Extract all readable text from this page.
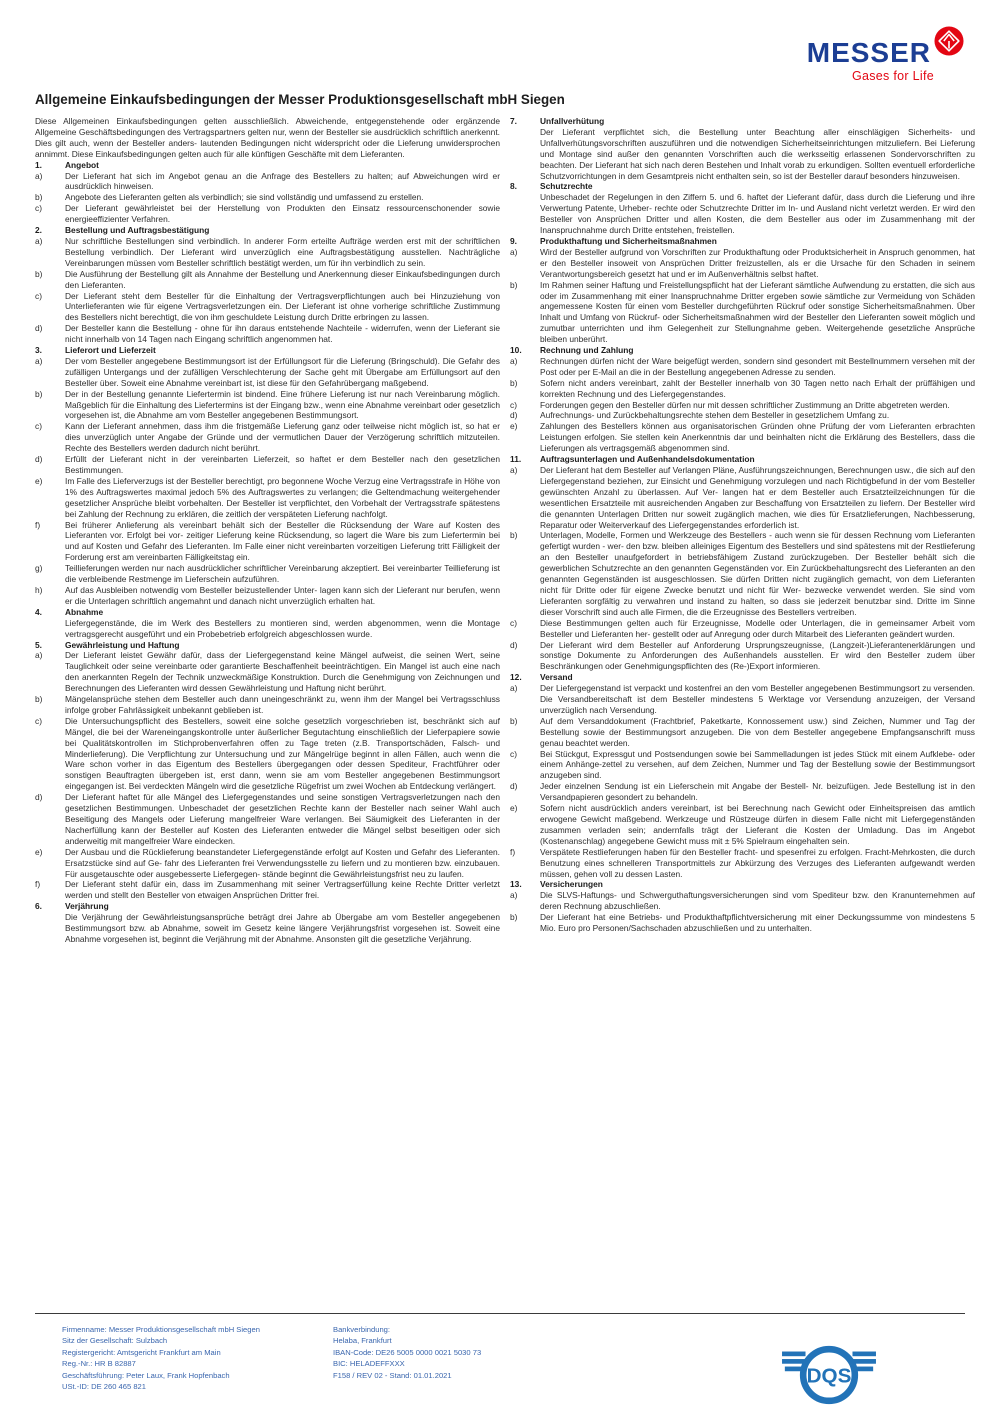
MESSER
Gases for Life
Allgemeine Einkaufsbedingungen der Messer Produktionsgesellschaft mbH Siegen

Diese Allgemeinen Einkaufsbedingungen gelten ausschließlich. Abweichende, entgegenstehende oder ergänzende Allgemeine Geschäftsbedingungen des Vertragspartners gelten nur, wenn der Besteller sie ausdrücklich schriftlich anerkennt. Dies gilt auch, wenn der Besteller anders- lautenden Bedingungen nicht widerspricht oder die Lieferung unwidersprochen annimmt. Diese Einkaufsbedingungen gelten auch für alle künftigen Geschäfte mit dem Lieferanten.

1.	Angebot
a)	Der Lieferant hat sich im Angebot genau an die Anfrage des Bestellers zu halten; auf Abweichungen wird er ausdrücklich hinweisen.
b)	Angebote des Lieferanten gelten als verbindlich; sie sind vollständig und umfassend zu erstellen.
c)	Der Lieferant gewährleistet bei der Herstellung von Produkten den Einsatz ressourcenschonender sowie energieeffizienter Verfahren.
2.	Bestellung und Auftragsbestätigung
a)	Nur schriftliche Bestellungen sind verbindlich. In anderer Form erteilte Aufträge werden erst mit der schriftlichen Bestellung verbindlich. Der Lieferant wird unverzüglich eine Auftragsbestätigung ausstellen. Nachträgliche Vereinbarungen müssen vom Besteller schriftlich bestätigt werden, um für ihn verbindlich zu sein.
b)	Die Ausführung der Bestellung gilt als Annahme der Bestellung und Anerkennung dieser Einkaufsbedingungen durch den Lieferanten.
c)	Der Lieferant steht dem Besteller für die Einhaltung der Vertragsverpflichtungen auch bei Hinzuziehung von Unterlieferanten wie für eigene Vertragsverletzungen ein. Der Lieferant ist ohne vorherige schriftliche Zustimmung des Bestellers nicht berechtigt, die von ihm geschuldete Leistung durch Dritte erbringen zu lassen.
d)	Der Besteller kann die Bestellung - ohne für ihn daraus entstehende Nachteile - widerrufen, wenn der Lieferant sie nicht innerhalb von 14 Tagen nach Eingang schriftlich angenommen hat.
3.	Lieferort und Lieferzeit
a)	Der vom Besteller angegebene Bestimmungsort ist der Erfüllungsort für die Lieferung (Bringschuld). Die Gefahr des zufälligen Untergangs und der zufälligen Verschlechterung der Sache geht mit Übergabe am Erfüllungsort auf den Besteller über. Soweit eine Abnahme vereinbart ist, ist diese für den Gefahrübergang maßgebend.
b)	Der in der Bestellung genannte Liefertermin ist bindend. Eine frühere Lieferung ist nur nach Vereinbarung möglich. Maßgeblich für die Einhaltung des Liefertermins ist der Eingang bzw., wenn eine Abnahme vereinbart oder gesetzlich vorgesehen ist, die Abnahme am vom Besteller angegebenen Bestimmungsort.
c)	Kann der Lieferant annehmen, dass ihm die fristgemäße Lieferung ganz oder teilweise nicht möglich ist, so hat er dies unverzüglich unter Angabe der Gründe und der vermutlichen Dauer der Verzögerung schriftlich mitzuteilen. Rechte des Bestellers werden dadurch nicht berührt.
d)	Erfüllt der Lieferant nicht in der vereinbarten Lieferzeit, so haftet er dem Besteller nach den gesetzlichen Bestimmungen.
e)	Im Falle des Lieferverzugs ist der Besteller berechtigt, pro begonnene Woche Verzug eine Vertragsstrafe in Höhe von 1% des Auftragswertes maximal jedoch 5% des Auftragswertes zu verlangen; die Geltendmachung weitergehender gesetzlicher Ansprüche bleibt vorbehalten. Der Besteller ist verpflichtet, den Vorbehalt der Vertragsstrafe spätestens bei Zahlung der Rechnung zu erklären, die zeitlich der verspäteten Lieferung nachfolgt.
f)	Bei früherer Anlieferung als vereinbart behält sich der Besteller die Rücksendung der Ware auf Kosten des Lieferanten vor. Erfolgt bei vor- zeitiger Lieferung keine Rücksendung, so lagert die Ware bis zum Liefertermin bei und auf Kosten und Gefahr des Lieferanten. Im Falle einer nicht vereinbarten vorzeitigen Lieferung tritt Fälligkeit der Forderung erst am vereinbarten Fälligkeitstag ein.
g)	Teillieferungen werden nur nach ausdrücklicher schriftlicher Vereinbarung akzeptiert. Bei vereinbarter Teillieferung ist die verbleibende Restmenge im Lieferschein aufzuführen.
h)	Auf das Ausbleiben notwendig vom Besteller beizustellender Unter- lagen kann sich der Lieferant nur berufen, wenn er die Unterlagen schriftlich angemahnt und danach nicht unverzüglich erhalten hat.
4.	Abnahme
Liefergegenstände, die im Werk des Bestellers zu montieren sind, werden abgenommen, wenn die Montage vertragsgerecht ausgeführt und ein Probebetrieb erfolgreich abgeschlossen wurde.
5.	Gewährleistung und Haftung
a)	Der Lieferant leistet Gewähr dafür, dass der Liefergegenstand keine Mängel aufweist, die seinen Wert, seine Tauglichkeit oder seine vereinbarte oder garantierte Beschaffenheit beeinträchtigen. Ein Mangel ist auch eine nach den anerkannten Regeln der Technik unzweckmäßige Konstruktion. Durch die Genehmigung von Zeichnungen und Berechnungen des Lieferanten wird dessen Gewährleistung und Haftung nicht berührt.
b)	Mängelansprüche stehen dem Besteller auch dann uneingeschränkt zu, wenn ihm der Mangel bei Vertragsschluss infolge grober Fahrlässigkeit unbekannt geblieben ist.
c)	Die Untersuchungspflicht des Bestellers, soweit eine solche gesetzlich vorgeschrieben ist, beschränkt sich auf Mängel, die bei der Wareneingangskontrolle unter äußerlicher Begutachtung einschließlich der Lieferpapiere sowie bei Qualitätskontrollen im Stichprobenverfahren offen zu Tage treten (z.B. Transportschäden, Falsch- und Minderlieferung). Die Verpflichtung zur Untersuchung und zur Mängelrüge beginnt in allen Fällen, auch wenn die Ware schon vorher in das Eigentum des Bestellers übergegangen oder dessen Spediteur, Frachtführer oder sonstigen Beauftragten übergeben ist, erst dann, wenn sie am vom Besteller angegebenen Bestimmungsort eingegangen ist. Bei verdeckten Mängeln wird die gesetzliche Rügefrist um zwei Wochen ab Entdeckung verlängert.
d)	Der Lieferant haftet für alle Mängel des Liefergegenstandes und seine sonstigen Vertragsverletzungen nach den gesetzlichen Bestimmungen. Unbeschadet der gesetzlichen Rechte kann der Besteller nach seiner Wahl auch Beseitigung des Mangels oder Lieferung mangelfreier Ware verlangen. Bei Säumigkeit des Lieferanten in der Nacherfüllung kann der Besteller auf Kosten des Lieferanten entweder die Mängel selbst beseitigen oder sich anderweitig mit mangelfreier Ware eindecken.
e)	Der Ausbau und die Rücklieferung beanstandeter Liefergegenstände erfolgt auf Kosten und Gefahr des Lieferanten. Ersatzstücke sind auf Ge- fahr des Lieferanten frei Verwendungsstelle zu liefern und zu montieren bzw. einzubauen. Für ausgetauschte oder ausgebesserte Liefergegen- stände beginnt die Gewährleistungsfrist neu zu laufen.
f)	Der Lieferant steht dafür ein, dass im Zusammenhang mit seiner Vertragserfüllung keine Rechte Dritter verletzt werden und stellt den Besteller von etwaigen Ansprüchen Dritter frei.
6.	Verjährung
Die Verjährung der Gewährleistungsansprüche beträgt drei Jahre ab Übergabe am vom Besteller angegebenen Bestimmungsort bzw. ab Abnahme, soweit im Gesetz keine längere Verjährungsfrist vorgesehen ist. Soweit eine Abnahme vorgesehen ist, beginnt die Verjährung mit der Abnahme. Ansonsten gilt die gesetzliche Verjährung.
7.	Unfallverhütung
Der Lieferant verpflichtet sich, die Bestellung unter Beachtung aller einschlägigen Sicherheits- und Unfallverhütungsvorschriften auszuführen und die notwendigen Sicherheitseinrichtungen mitzuliefern. Bei Lieferung und Montage sind außer den genannten Vorschriften auch die werksseitig erlassenen Sondervorschriften zu beachten. Der Lieferant hat sich nach deren Bestehen und Inhalt vorab zu erkundigen. Sollten eventuell erforderliche Schutzvorrichtungen in dem Gesamtpreis nicht enthalten sein, so ist der Besteller darauf besonders hinzuweisen.
8.	Schutzrechte
Unbeschadet der Regelungen in den Ziffern 5. und 6. haftet der Lieferant dafür, dass durch die Lieferung und ihre Verwertung Patente, Urheber- rechte oder Schutzrechte Dritter im In- und Ausland nicht verletzt werden. Er wird den Besteller von Ansprüchen Dritter und allen Kosten, die dem Besteller aus oder im Zusammenhang mit der Inanspruchnahme durch Dritte entstehen, freistellen.
9.	Produkthaftung und Sicherheitsmaßnahmen
a)	Wird der Besteller aufgrund von Vorschriften zur Produkthaftung oder Produktsicherheit in Anspruch genommen, hat er den Besteller insoweit von Ansprüchen Dritter freizustellen, als er die Ursache für den Schaden in seinem Verantwortungsbereich gesetzt hat und er im Außenverhältnis selbst haftet.
b)	Im Rahmen seiner Haftung und Freistellungspflicht hat der Lieferant sämtliche Aufwendung zu erstatten, die sich aus oder im Zusammenhang mit einer Inanspruchnahme Dritter ergeben sowie sämtliche zur Vermeidung von Schäden angemessene Kosten für einen vom Besteller durchgeführten Rückruf oder sonstige Sicherheitsmaßnahmen. Über Inhalt und Umfang von Rückruf- oder Sicherheitsmaßnahmen wird der Besteller den Lieferanten soweit möglich und zumutbar unterrichten und ihm Gelegenheit zur Stellungnahme geben. Weitergehende gesetzliche Ansprüche bleiben unberührt.
10. Rechnung und Zahlung
a)	Rechnungen dürfen nicht der Ware beigefügt werden, sondern sind gesondert mit Bestellnummern versehen mit der Post oder per E-Mail an die in der Bestellung angegebenen Adresse zu senden.
b)	Sofern nicht anders vereinbart, zahlt der Besteller innerhalb von 30 Tagen netto nach Erhalt der prüffähigen und korrekten Rechnung und des Liefergegenstandes.
c)	Forderungen gegen den Besteller dürfen nur mit dessen schriftlicher Zustimmung an Dritte abgetreten werden.
d)	Aufrechnungs- und Zurückbehaltungsrechte stehen dem Besteller in gesetzlichem Umfang zu.
e)	Zahlungen des Bestellers können aus organisatorischen Gründen ohne Prüfung der vom Lieferanten erbrachten Leistungen erfolgen. Sie stellen kein Anerkenntnis dar und beinhalten nicht die Erklärung des Bestellers, dass die Lieferungen als vertragsgemäß abgenommen sind.
11. Auftragsunterlagen und Außenhandelsdokumentation
a)	Der Lieferant hat dem Besteller auf Verlangen Pläne, Ausführungszeichnungen, Berechnungen usw., die sich auf den Liefergegenstand beziehen, zur Einsicht und Genehmigung vorzulegen und nach Richtigbefund in der vom Besteller gewünschten Anzahl zu überlassen. Auf Ver- langen hat er dem Besteller auch Ersatzteilzeichnungen für die wesentlichen Ersatzteile mit ausreichenden Angaben zur Beschaffung von Ersatzteilen zu liefern. Der Besteller wird die genannten Unterlagen Dritten nur soweit zugänglich machen, wie dies für Ersatzlieferungen, Nachbesserung, Reparatur oder Weiterverkauf des Liefergegenstandes erforderlich ist.
b)	Unterlagen, Modelle, Formen und Werkzeuge des Bestellers - auch wenn sie für dessen Rechnung vom Lieferanten gefertigt wurden - wer- den bzw. bleiben alleiniges Eigentum des Bestellers und sind spätestens mit der Restlieferung an den Besteller unaufgefordert in betriebsfähigem Zustand zurückzugeben. Der Besteller behält sich die gewerblichen Schutzrechte an den genannten Gegenständen vor. Ein Zurückbehaltungsrecht des Lieferanten an den genannten Gegenständen ist ausgeschlossen. Sie dürfen Dritten nicht zugänglich gemacht, von dem Lieferanten nicht für Dritte oder für eigene Zwecke benutzt und nicht für Wer- bezwecke verwendet werden. Sie sind vom Lieferanten sorgfältig zu verwahren und instand zu halten, so dass sie jederzeit benutzbar sind. Dritte im Sinne dieser Vorschrift sind auch alle Firmen, die die Erzeugnisse des Bestellers vertreiben.
c)	Diese Bestimmungen gelten auch für Erzeugnisse, Modelle oder Unterlagen, die in gemeinsamer Arbeit vom Besteller und Lieferanten her- gestellt oder auf Anregung oder durch Mitarbeit des Lieferanten geändert wurden.
d)	Der Lieferant wird dem Besteller auf Anforderung Ursprungszeugnisse, (Langzeit-)Lieferantenerklärungen und sonstige Dokumente zu Anforderungen des Außenhandels ausstellen. Er wird den Besteller zudem über Beschränkungen oder Genehmigungspflichten des (Re-)Export informieren.
12. Versand
a)	Der Liefergegenstand ist verpackt und kostenfrei an den vom Besteller angegebenen Bestimmungsort zu versenden. Die Versandbereitschaft ist dem Besteller mindestens 5 Werktage vor Versendung anzuzeigen, der Versand unverzüglich nach Versendung.
b)	Auf dem Versanddokument (Frachtbrief, Paketkarte, Konnossement usw.) sind Zeichen, Nummer und Tag der Bestellung sowie der Bestimmungsort anzugeben. Die von dem Besteller angegebene Empfangsanschrift muss genau beachtet werden.
c)	Bei Stückgut, Expressgut und Postsendungen sowie bei Sammelladungen ist jedes Stück mit einem Aufklebe- oder einem Anhänge-zettel zu versehen, auf dem Zeichen, Nummer und Tag der Bestellung sowie der Bestimmungsort anzugeben sind.
d)	Jeder einzelnen Sendung ist ein Lieferschein mit Angabe der Bestell- Nr. beizufügen. Jede Bestellung ist in den Versandpapieren gesondert zu behandeln.
e)	Sofern nicht ausdrücklich anders vereinbart, ist bei Berechnung nach Gewicht oder Einheitspreisen das amtlich erwogene Gewicht maßgebend. Werkzeuge und Rüstzeuge dürfen in diesem Falle nicht mit Liefergegenständen zusammen verladen sein; andernfalls trägt der Lieferant die Kosten der Umladung. Das im Angebot (Kostenanschlag) angegebene Gewicht muss mit ± 5% Spielraum eingehalten sein.
f)	Verspätete Restlieferungen haben für den Besteller fracht- und spesenfrei zu erfolgen. Fracht-Mehrkosten, die durch Benutzung eines schnelleren Transportmittels zur Abkürzung des Verzuges des Lieferanten aufgewandt werden müssen, gehen voll zu dessen Lasten.
13. Versicherungen
a)	Die SLVS-Haftungs- und Schwerguthaftungsversicherungen sind vom Spediteur bzw. den Kranunternehmen auf deren Rechnung abzuschließen.
b)	Der Lieferant hat eine Betriebs- und Produkthaftpflichtversicherung mit einer Deckungssumme von mindestens 5 Mio. Euro pro Personen/Sachschaden abzuschließen und zu unterhalten.
Firmenname: Messer Produktionsgesellschaft mbH Siegen
Sitz der Gesellschaft: Sulzbach
Registergericht: Amtsgericht Frankfurt am Main
Reg.-Nr.: HR B 82887
Geschäftsführung: Peter Laux, Frank Hopfenbach
USt.-ID: DE 260 465 821
Bankverbindung:
Helaba, Frankfurt
IBAN-Code: DE26 5005 0000 0021 5030 73
BIC: HELADEFFXXX
F158 / REV 02 - Stand: 01.01.2021	DQS
